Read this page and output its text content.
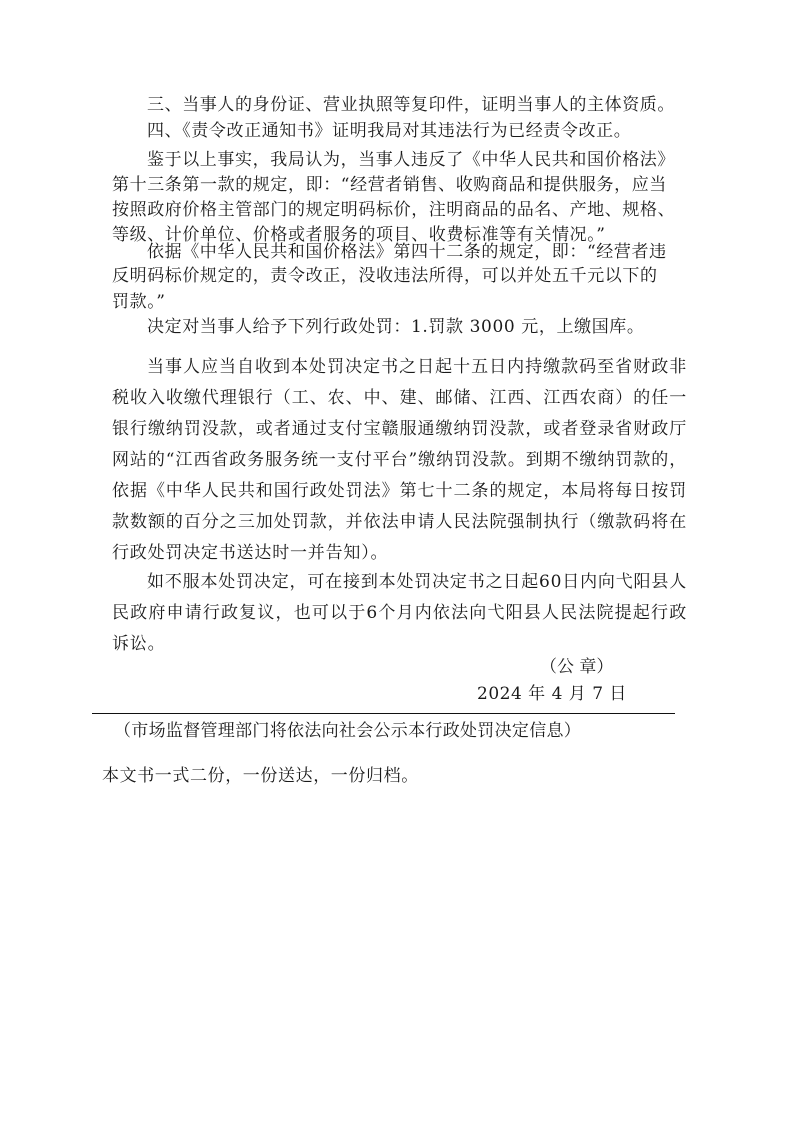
三、当事人的身份证、营业执照等复印件，证明当事人的主体资质。
四、《责令改正通知书》证明我局对其违法行为已经责令改正。
鉴于以上事实，我局认为，当事人违反了《中华人民共和国价格法》
第十三条第一款的规定，即：“经营者销售、收购商品和提供服务，应当
按照政府价格主管部门的规定明码标价，注明商品的品名、产地、规格、
等级、计价单位、价格或者服务的项目、收费标准等有关情况。”
依据《中华人民共和国价格法》第四十二条的规定，即：“经营者违
反明码标价规定的，责令改正，没收违法所得，可以并处五千元以下的
罚款。”
决定对当事人给予下列行政处罚：1.罚款 3000 元，上缴国库。

当事人应当自收到本处罚决定书之日起十五日内持缴款码至省财政非税收入收缴代理银行（工、农、中、建、邮储、江西、江西农商）的任一银行缴纳罚没款，或者通过支付宝赣服通缴纳罚没款，或者登录省财政厅网站的“江西省政务服务统一支付平台”缴纳罚没款。到期不缴纳罚款的，依据《中华人民共和国行政处罚法》第七十二条的规定，本局将每日按罚款数额的百分之三加处罚款，并依法申请人民法院强制执行（缴款码将在行政处罚决定书送达时一并告知）。

如不服本处罚决定，可在接到本处罚决定书之日起60日内向弋阳县人民政府申请行政复议，也可以于6个月内依法向弋阳县人民法院提起行政诉讼。

（公 章）
2024 年 4 月 7 日
（市场监督管理部门将依法向社会公示本行政处罚决定信息）
本文书一式二份，一份送达，一份归档。
